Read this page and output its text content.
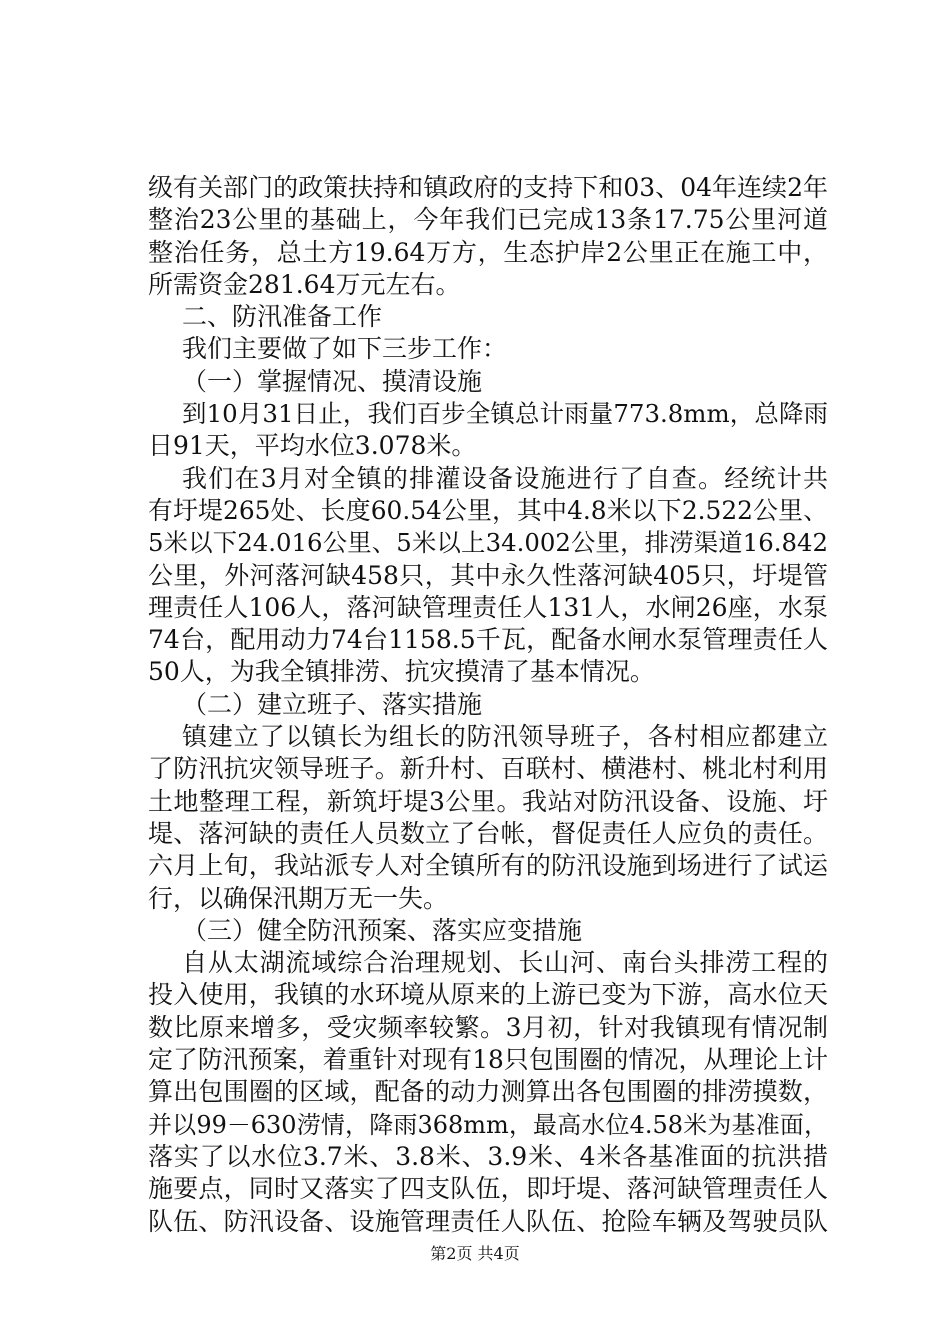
级有关部门的政策扶持和镇政府的支持下和03、04年连续2年
整治23公里的基础上，今年我们已完成13条17.75公里河道
整治任务，总土方19.64万方，生态护岸2公里正在施工中，
所需资金281.64万元左右。
二、防汛准备工作
我们主要做了如下三步工作：
（一）掌握情况、摸清设施
到10月31日止，我们百步全镇总计雨量773.8mm，总降雨
日91天，平均水位3.078米。
我们在3月对全镇的排灌设备设施进行了自查。经统计共
有圩堤265处、长度60.54公里，其中4.8米以下2.522公里、
5米以下24.016公里、5米以上34.002公里，排涝渠道16.842
公里，外河落河缺458只，其中永久性落河缺405只，圩堤管
理责任人106人，落河缺管理责任人131人，水闸26座，水泵
74台，配用动力74台1158.5千瓦，配备水闸水泵管理责任人
50人，为我全镇排涝、抗灾摸清了基本情况。
（二）建立班子、落实措施
镇建立了以镇长为组长的防汛领导班子，各村相应都建立
了防汛抗灾领导班子。新升村、百联村、横港村、桃北村利用
土地整理工程，新筑圩堤3公里。我站对防汛设备、设施、圩
堤、落河缺的责任人员数立了台帐，督促责任人应负的责任。
六月上旬，我站派专人对全镇所有的防汛设施到场进行了试运
行，以确保汛期万无一失。
（三）健全防汛预案、落实应变措施
自从太湖流域综合治理规划、长山河、南台头排涝工程的
投入使用，我镇的水环境从原来的上游已变为下游，高水位天
数比原来增多，受灾频率较繁。3月初，针对我镇现有情况制
定了防汛预案，着重针对现有18只包围圈的情况，从理论上计
算出包围圈的区域，配备的动力测算出各包围圈的排涝摸数，
并以99－630涝情，降雨368mm，最高水位4.58米为基准面，
落实了以水位3.7米、3.8米、3.9米、4米各基准面的抗洪措
施要点，同时又落实了四支队伍，即圩堤、落河缺管理责任人
队伍、防汛设备、设施管理责任人队伍、抢险车辆及驾驶员队
第2页 共4页
